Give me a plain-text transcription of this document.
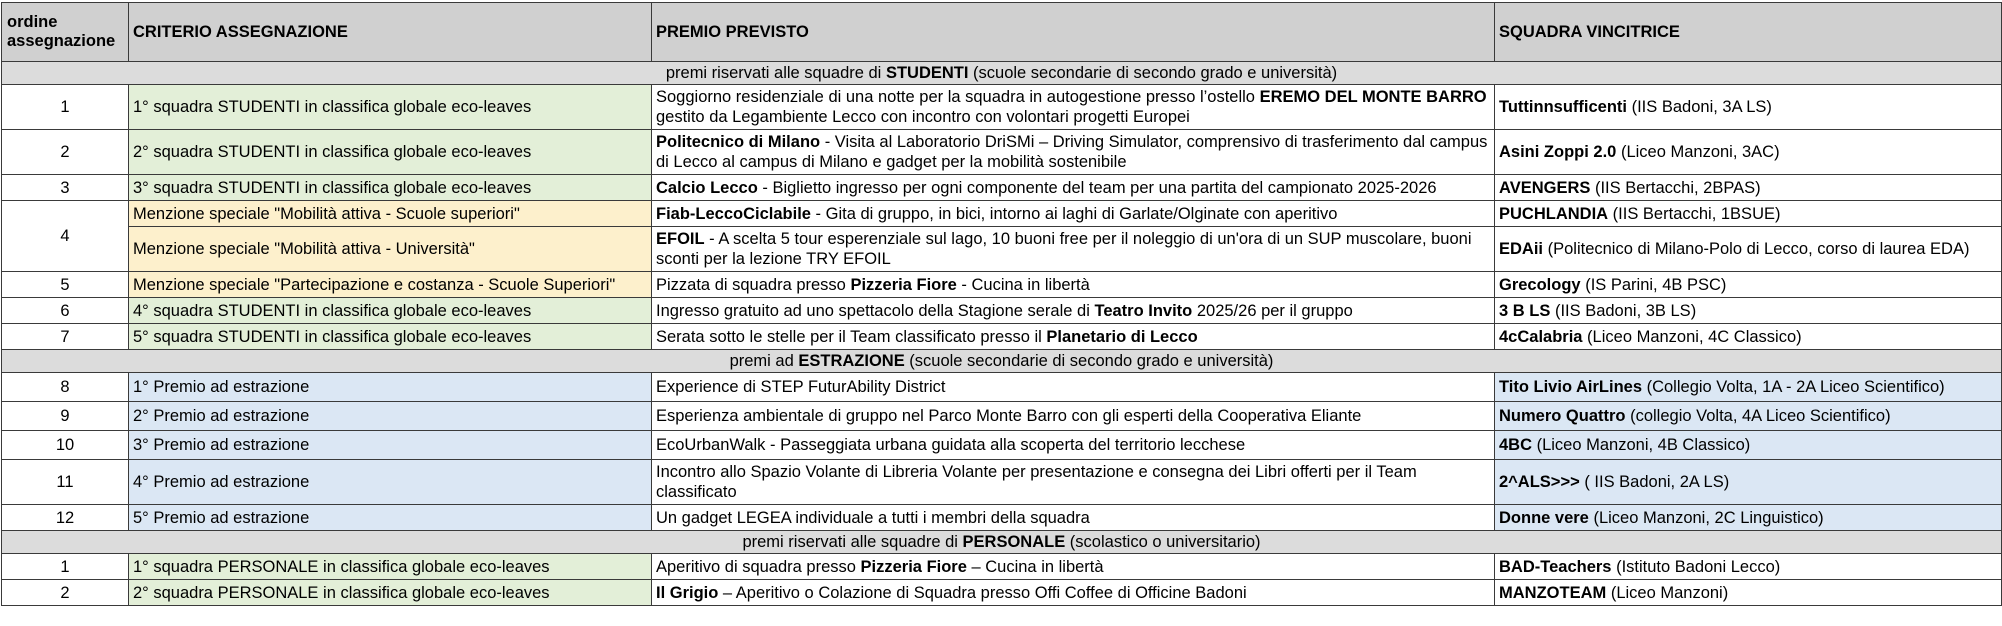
ordine assegnazione	CRITERIO ASSEGNAZIONE	PREMIO PREVISTO	SQUADRA VINCITRICE
premi riservati alle squadre di STUDENTI (scuole secondarie di secondo grado e università)			
1	1° squadra STUDENTI in classifica globale eco-leaves	Soggiorno residenziale di una notte per la squadra in autogestione presso l’ostello EREMO DEL MONTE BARRO gestito da Legambiente Lecco con incontro con volontari progetti Europei	Tuttinnsufficenti (IIS Badoni, 3A LS)
2	2° squadra STUDENTI in classifica globale eco-leaves	Politecnico di Milano - Visita al Laboratorio DriSMi – Driving Simulator, comprensivo di trasferimento dal campus di Lecco al campus di Milano e gadget per la mobilità sostenibile	Asini Zoppi 2.0 (Liceo Manzoni, 3AC)
3	3° squadra STUDENTI in classifica globale eco-leaves	Calcio Lecco - Biglietto ingresso per ogni componente del team per una partita del campionato 2025-2026	AVENGERS (IIS Bertacchi, 2BPAS)
4	Menzione speciale "Mobilità attiva - Scuole superiori"	Fiab-LeccoCiclabile - Gita di gruppo, in bici, intorno ai laghi di Garlate/Olginate con aperitivo	PUCHLANDIA (IIS Bertacchi, 1BSUE)
	Menzione speciale "Mobilità attiva - Università"	EFOIL - A scelta 5 tour esperenziale sul lago, 10 buoni free per il noleggio di un'ora di un SUP muscolare, buoni sconti per la lezione TRY EFOIL	EDAii (Politecnico di Milano-Polo di Lecco, corso di laurea EDA)
5	Menzione speciale "Partecipazione e costanza - Scuole Superiori"	Pizzata di squadra presso Pizzeria Fiore - Cucina in libertà	Grecology (IS Parini, 4B PSC)
6	4° squadra STUDENTI in classifica globale eco-leaves	Ingresso gratuito ad uno spettacolo della Stagione serale di Teatro Invito 2025/26 per il gruppo	3 B LS (IIS Badoni, 3B LS)
7	5° squadra STUDENTI in classifica globale eco-leaves	Serata sotto le stelle per il Team classificato presso il Planetario di Lecco	4cCalabria (Liceo Manzoni, 4C Classico)
premi ad ESTRAZIONE (scuole secondarie di secondo grado e università)			
8	1° Premio ad estrazione	Experience di STEP FuturAbility District	Tito Livio AirLines (Collegio Volta, 1A - 2A Liceo Scientifico)
9	2° Premio ad estrazione	Esperienza ambientale di gruppo nel Parco Monte Barro con gli esperti della Cooperativa Eliante	Numero Quattro (collegio Volta, 4A Liceo Scientifico)
10	3° Premio ad estrazione	EcoUrbanWalk - Passeggiata urbana guidata alla scoperta del territorio lecchese	4BC (Liceo Manzoni, 4B Classico)
11	4° Premio ad estrazione	Incontro allo Spazio Volante di Libreria Volante per presentazione e consegna dei Libri offerti per il Team classificato	2^ALS>>> ( IIS Badoni, 2A LS)
12	5° Premio ad estrazione	Un gadget LEGEA individuale a tutti i membri della squadra	Donne vere (Liceo Manzoni, 2C Linguistico)
premi riservati alle squadre di PERSONALE (scolastico o universitario)			
1	1° squadra PERSONALE in classifica globale eco-leaves	Aperitivo di squadra presso Pizzeria Fiore – Cucina in libertà	BAD-Teachers (Istituto Badoni Lecco)
2	2° squadra PERSONALE in classifica globale eco-leaves	Il Grigio – Aperitivo o Colazione di Squadra presso Offi Coffee di Officine Badoni	MANZOTEAM (Liceo Manzoni)
